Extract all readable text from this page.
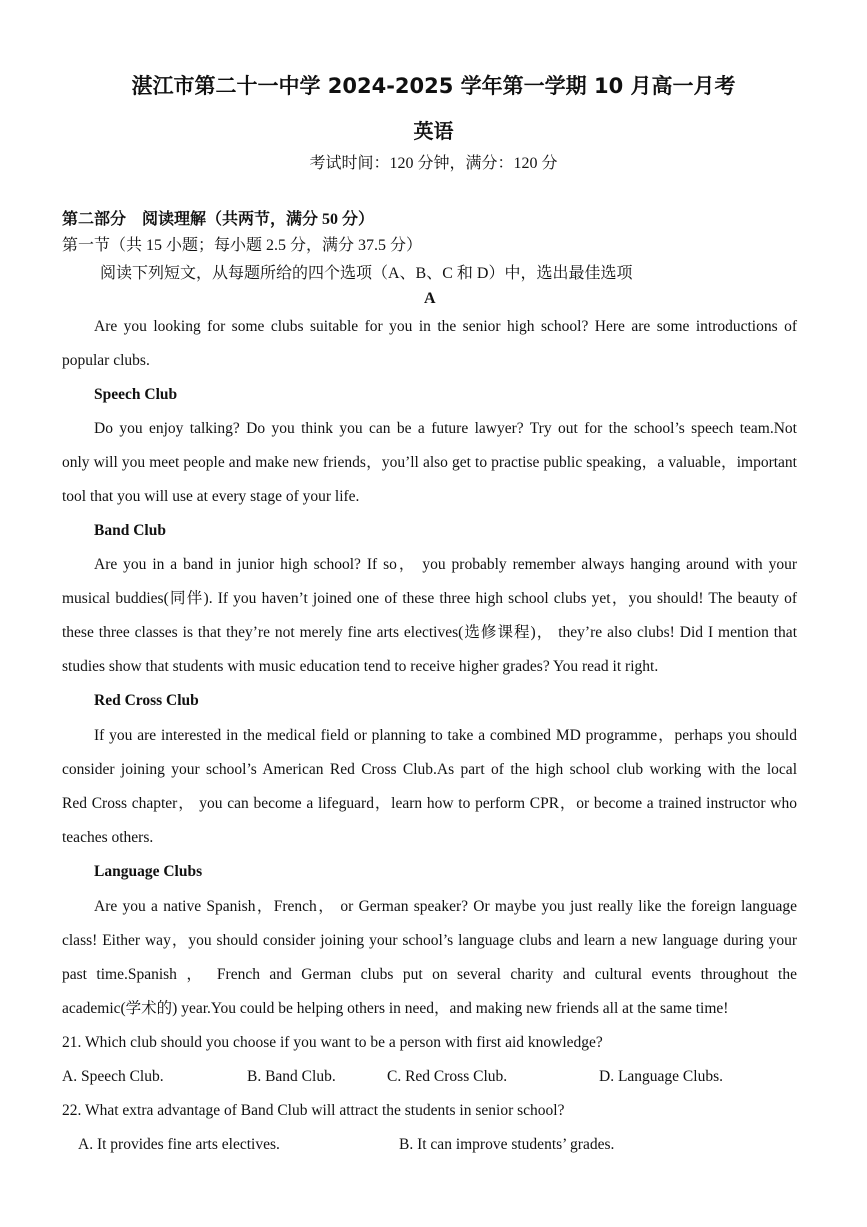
湛江市第二十一中学 2024-2025 学年第一学期 10 月高一月考
英语
考试时间：120 分钟，满分：120 分
第二部分　阅读理解（共两节，满分 50 分）
第一节（共 15 小题；每小题 2.5 分，满分 37.5 分）
阅读下列短文，从每题所给的四个选项（A、B、C 和 D）中，选出最佳选项
A
Are you looking for some clubs suitable for you in the senior high school? Here are some introductions of
popular clubs.
Speech Club
Do you enjoy talking? Do you think you can be a future lawyer? Try out for the school’s speech team.Not
only will you meet people and make new friends，you’ll also get to practise public speaking，a valuable，important
tool that you will use at every stage of your life.
Band Club
Are you in a band in junior high school? If so， you probably remember always hanging around with your
musical buddies(同伴). If you haven’t joined one of these three high school clubs yet，you should! The beauty of
these three classes is that they’re not merely fine arts electives(选修课程)， they’re also clubs! Did I mention that
studies show that students with music education tend to receive higher grades? You read it right.
Red Cross Club
If you are interested in the medical field or planning to take a combined MD programme，perhaps you should
consider joining your school’s American Red Cross Club.As part of the high school club working with the local
Red Cross chapter， you can become a lifeguard，learn how to perform CPR，or become a trained instructor who
teaches others.
Language Clubs
Are you a native Spanish，French， or German speaker? Or maybe you just really like the foreign language
class! Either way，you should consider joining your school’s language clubs and learn a new language during your
past time.Spanish ， French and German clubs put on several charity and cultural events throughout the
academic(学术的) year.You could be helping others in need，and making new friends all at the same time!
21. Which club should you choose if you want to be a person with first aid knowledge?
A. Speech Club.	B. Band Club.	C. Red Cross Club.	D. Language Clubs.
22. What extra advantage of Band Club will attract the students in senior school?
A. It provides fine arts electives.	B. It can improve students’ grades.
